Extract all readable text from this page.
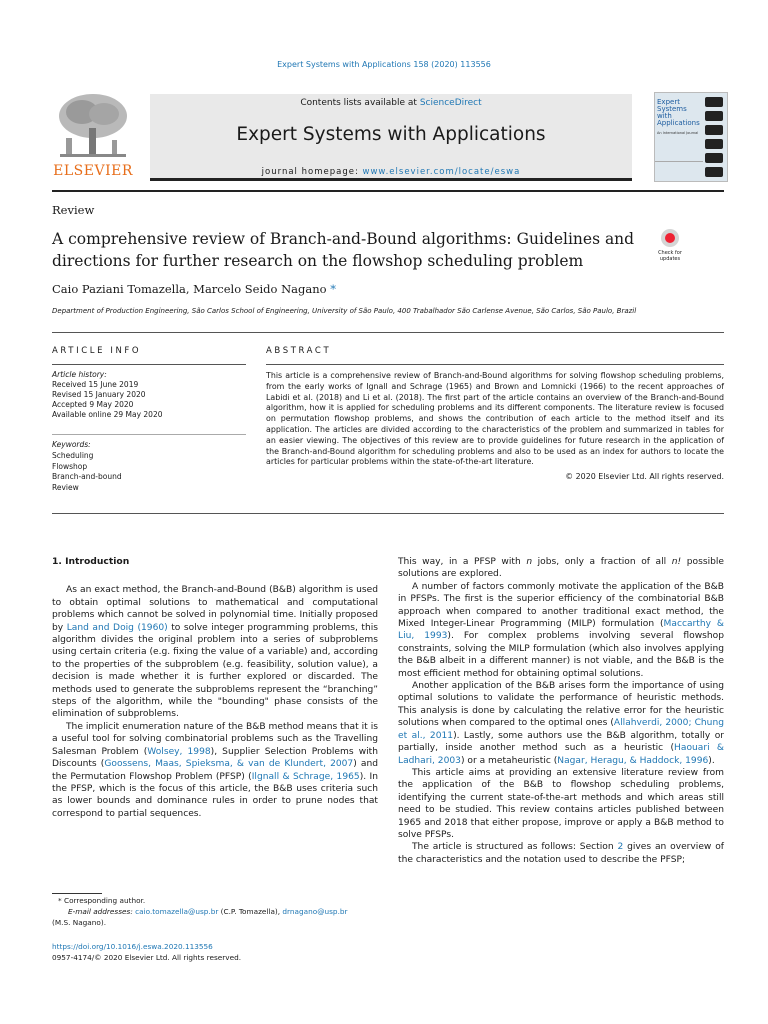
Expert Systems with Applications 158 (2020) 113556
ELSEVIER
Contents lists available at ScienceDirect
Expert Systems with Applications
journal homepage: www.elsevier.com/locate/eswa
Expert Systems with Applications
An International Journal
Review
A comprehensive review of Branch-and-Bound algorithms: Guidelines and directions for further research on the flowshop scheduling problem	Check for updates
Caio Paziani Tomazella, Marcelo Seido Nagano *
Department of Production Engineering, São Carlos School of Engineering, University of São Paulo, 400 Trabalhador São Carlense Avenue, São Carlos, São Paulo, Brazil
ARTICLE INFO	ABSTRACT
Article history:
Received 15 June 2019
Revised 15 January 2020
Accepted 9 May 2020
Available online 29 May 2020
Keywords:
Scheduling
Flowshop
Branch-and-bound
Review
This article is a comprehensive review of Branch-and-Bound algorithms for solving flowshop scheduling problems, from the early works of Ignall and Schrage (1965) and Brown and Lomnicki (1966) to the recent approaches of Labidi et al. (2018) and Li et al. (2018). The first part of the article contains an overview of the Branch-and-Bound algorithm, how it is applied for scheduling problems and its different components. The literature review is focused on permutation flowshop problems, and shows the contribution of each article to the method itself and its application. The articles are divided according to the characteristics of the problem and summarized in tables for an easier viewing. The objectives of this review are to provide guidelines for future research in the application of the Branch-and-Bound algorithm for scheduling problems and also to be used as an index for authors to locate the articles for particular problems within the state-of-the-art literature.
© 2020 Elsevier Ltd. All rights reserved.
1. Introduction

As an exact method, the Branch-and-Bound (B&B) algorithm is used to obtain optimal solutions to mathematical and computational problems which cannot be solved in polynomial time. Initially proposed by Land and Doig (1960) to solve integer programming problems, this algorithm divides the original problem into a series of subproblems using certain criteria (e.g. fixing the value of a variable) and, according to the properties of the subproblem (e.g. feasibility, solution value), a decision is made whether it is further explored or discarded. The methods used to generate the subproblems represent the “branching” steps of the algorithm, while the "bounding" phase consists of the elimination of subproblems.

The implicit enumeration nature of the B&B method means that it is a useful tool for solving combinatorial problems such as the Travelling Salesman Problem (Wolsey, 1998), Supplier Selection Problems with Discounts (Goossens, Maas, Spieksma, & van de Klundert, 2007) and the Permutation Flowshop Problem (PFSP) (Ilgnall & Schrage, 1965). In the PFSP, which is the focus of this article, the B&B uses criteria such as lower bounds and dominance rules in order to prune nodes that correspond to partial sequences.

This way, in a PFSP with n jobs, only a fraction of all n! possible solutions are explored.

A number of factors commonly motivate the application of the B&B in PFSPs. The first is the superior efficiency of the combinatorial B&B approach when compared to another traditional exact method, the Mixed Integer-Linear Programming (MILP) formulation (Maccarthy & Liu, 1993). For complex problems involving several flowshop constraints, solving the MILP formulation (which also involves applying the B&B albeit in a different manner) is not viable, and the B&B is the most efficient method for obtaining optimal solutions.

Another application of the B&B arises form the importance of using optimal solutions to validate the performance of heuristic methods. This analysis is done by calculating the relative error for the heuristic solutions when compared to the optimal ones (Allahverdi, 2000; Chung et al., 2011). Lastly, some authors use the B&B algorithm, totally or partially, inside another method such as a heuristic (Haouari & Ladhari, 2003) or a metaheuristic (Nagar, Heragu, & Haddock, 1996).

This article aims at providing an extensive literature review from the application of the B&B to flowshop scheduling problems, identifying the current state-of-the-art methods and which areas still need to be studied. This review contains articles published between 1965 and 2018 that either propose, improve or apply a B&B method to solve PFSPs.

The article is structured as follows: Section 2 gives an overview of the characteristics and the notation used to describe the PFSP;

* Corresponding author.
E-mail addresses: caio.tomazella@usp.br (C.P. Tomazella), drnagano@usp.br
(M.S. Nagano).
https://doi.org/10.1016/j.eswa.2020.113556
0957-4174/© 2020 Elsevier Ltd. All rights reserved.
